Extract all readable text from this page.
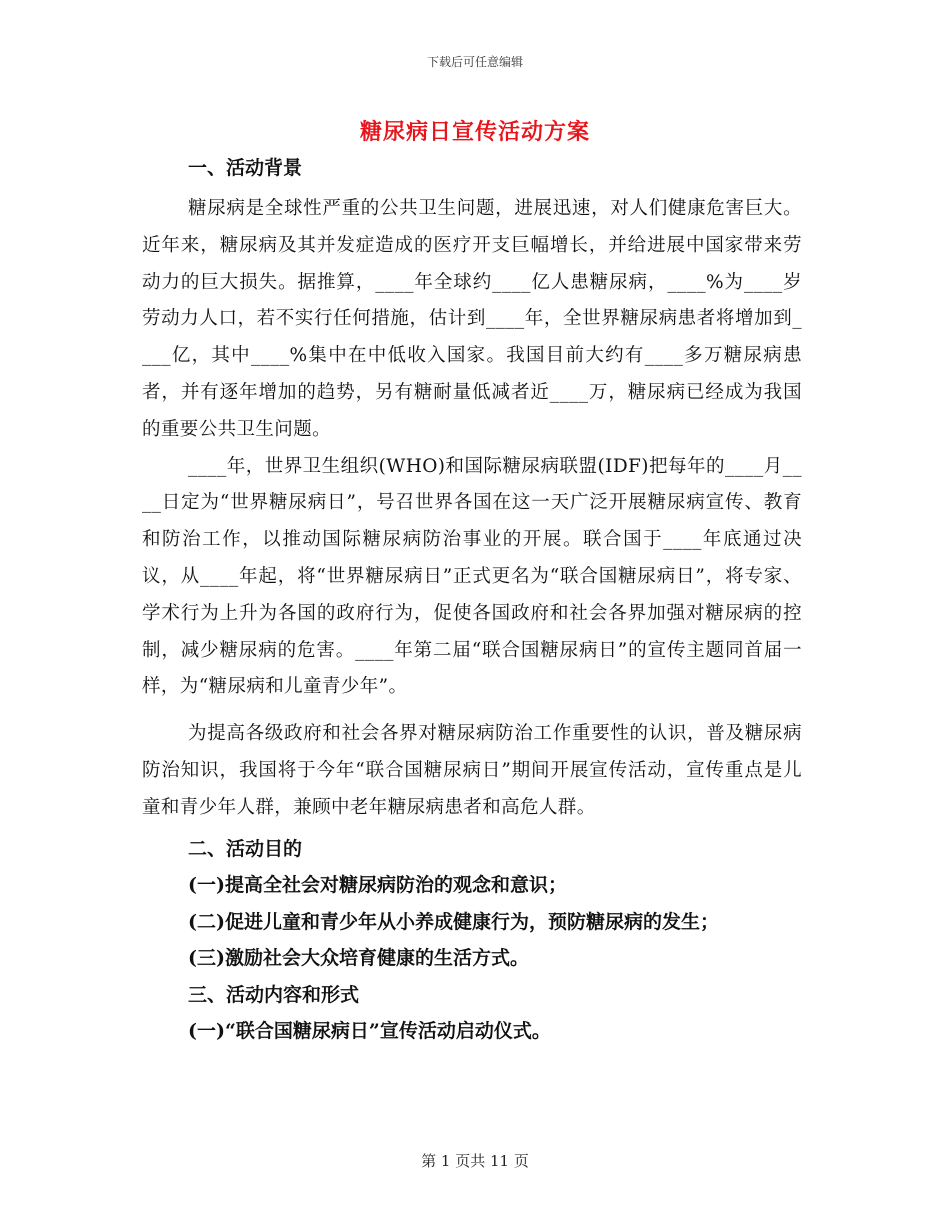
下载后可任意编辑
糖尿病日宣传活动方案
一、活动背景

糖尿病是全球性严重的公共卫生问题，进展迅速，对人们健康危害巨大。近年来，糖尿病及其并发症造成的医疗开支巨幅增长，并给进展中国家带来劳动力的巨大损失。据推算，____年全球约____亿人患糖尿病，____%为____岁劳动力人口，若不实行任何措施，估计到____年，全世界糖尿病患者将增加到____亿，其中____%集中在中低收入国家。我国目前大约有____多万糖尿病患者，并有逐年增加的趋势，另有糖耐量低减者近____万，糖尿病已经成为我国的重要公共卫生问题。

____年，世界卫生组织(WHO)和国际糖尿病联盟(IDF)把每年的____月____日定为“世界糖尿病日”，号召世界各国在这一天广泛开展糖尿病宣传、教育和防治工作，以推动国际糖尿病防治事业的开展。联合国于____年底通过决议，从____年起，将“世界糖尿病日”正式更名为“联合国糖尿病日”，将专家、学术行为上升为各国的政府行为，促使各国政府和社会各界加强对糖尿病的控制，减少糖尿病的危害。____年第二届“联合国糖尿病日”的宣传主题同首届一样，为“糖尿病和儿童青少年”。

为提高各级政府和社会各界对糖尿病防治工作重要性的认识，普及糖尿病防治知识，我国将于今年“联合国糖尿病日”期间开展宣传活动，宣传重点是儿童和青少年人群，兼顾中老年糖尿病患者和高危人群。

二、活动目的
(一)提高全社会对糖尿病防治的观念和意识；
(二)促进儿童和青少年从小养成健康行为，预防糖尿病的发生；
(三)激励社会大众培育健康的生活方式。
三、活动内容和形式
(一)“联合国糖尿病日”宣传活动启动仪式。
第 1 页共 11 页
